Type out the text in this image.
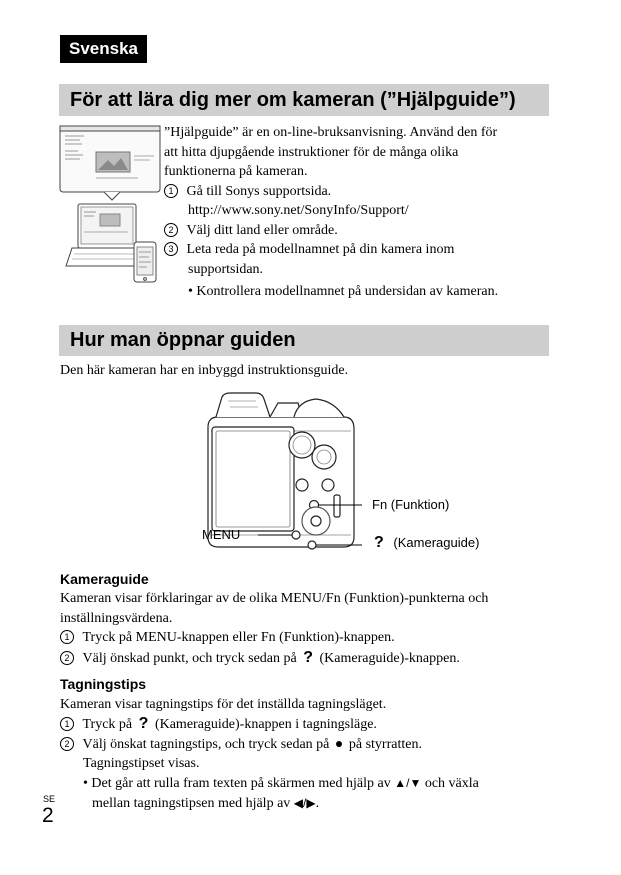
Svenska
För att lära dig mer om kameran (”Hjälpguide”)
”Hjälpguide” är en on-line-bruksanvisning. Använd den för
att hitta djupgående instruktioner för de många olika
funktionerna på kameran.
1 Gå till Sonys supportsida.
http://www.sony.net/SonyInfo/Support/
2 Välj ditt land eller område.
3 Leta reda på modellnamnet på din kamera inom
supportsidan.
• Kontrollera modellnamnet på undersidan av kameran.
Hur man öppnar guiden
Den här kameran har en inbyggd instruktionsguide.
Fn (Funktion)
MENU	? (Kameraguide)
Kameraguide
Kameran visar förklaringar av de olika MENU/Fn (Funktion)-punkterna och
inställningsvärdena.
1 Tryck på MENU-knappen eller Fn (Funktion)-knappen.
2 Välj önskad punkt, och tryck sedan på ? (Kameraguide)-knappen.
Tagningstips
Kameran visar tagningstips för det inställda tagningsläget.
1 Tryck på ? (Kameraguide)-knappen i tagningsläge.
2 Välj önskat tagningstips, och tryck sedan på ● på styrratten.
Tagningstipset visas.
• Det går att rulla fram texten på skärmen med hjälp av ▲/▼ och växla
mellan tagningstipsen med hjälp av ◀/▶.
SE
2
